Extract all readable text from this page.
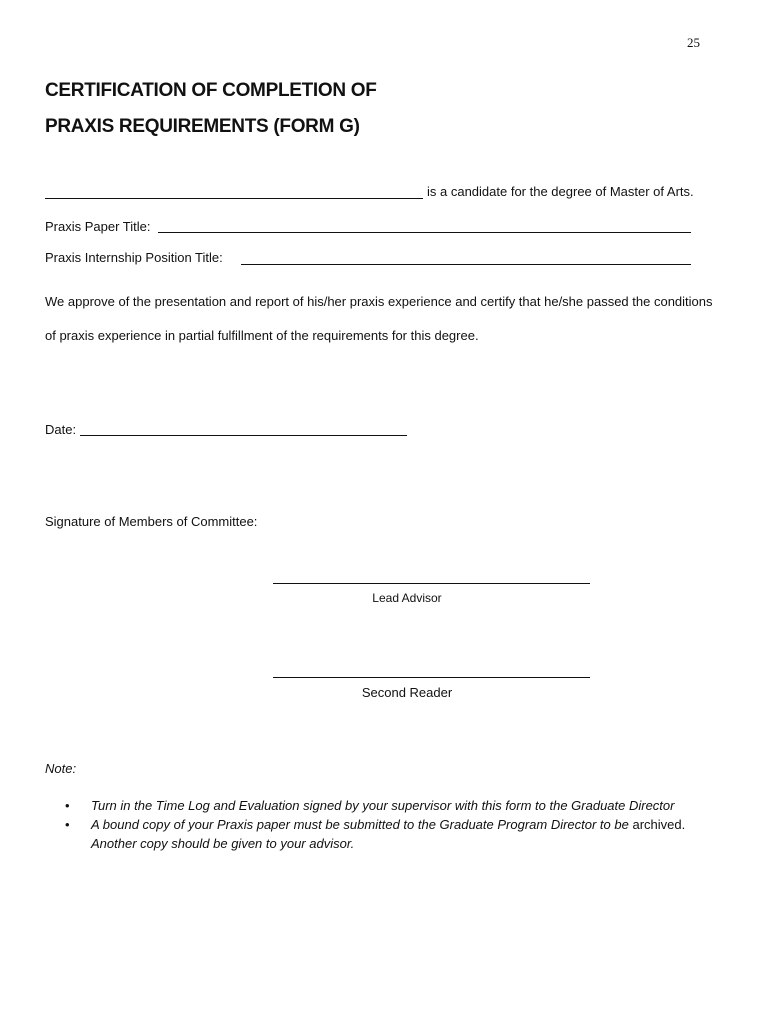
25
CERTIFICATION OF COMPLETION OF
PRAXIS REQUIREMENTS (FORM G)
is a candidate for the degree of Master of Arts.
Praxis Paper Title:
Praxis Internship Position Title:
We approve of the presentation and report of his/her praxis experience and certify that he/she passed the conditions of praxis experience in partial fulfillment of the requirements for this degree.
Date:
Signature of Members of Committee:
Lead Advisor
Second Reader
Note:
• Turn in the Time Log and Evaluation signed by your supervisor with this form to the Graduate Director
• A bound copy of your Praxis paper must be submitted to the Graduate Program Director to be archived.
Another copy should be given to your advisor.
